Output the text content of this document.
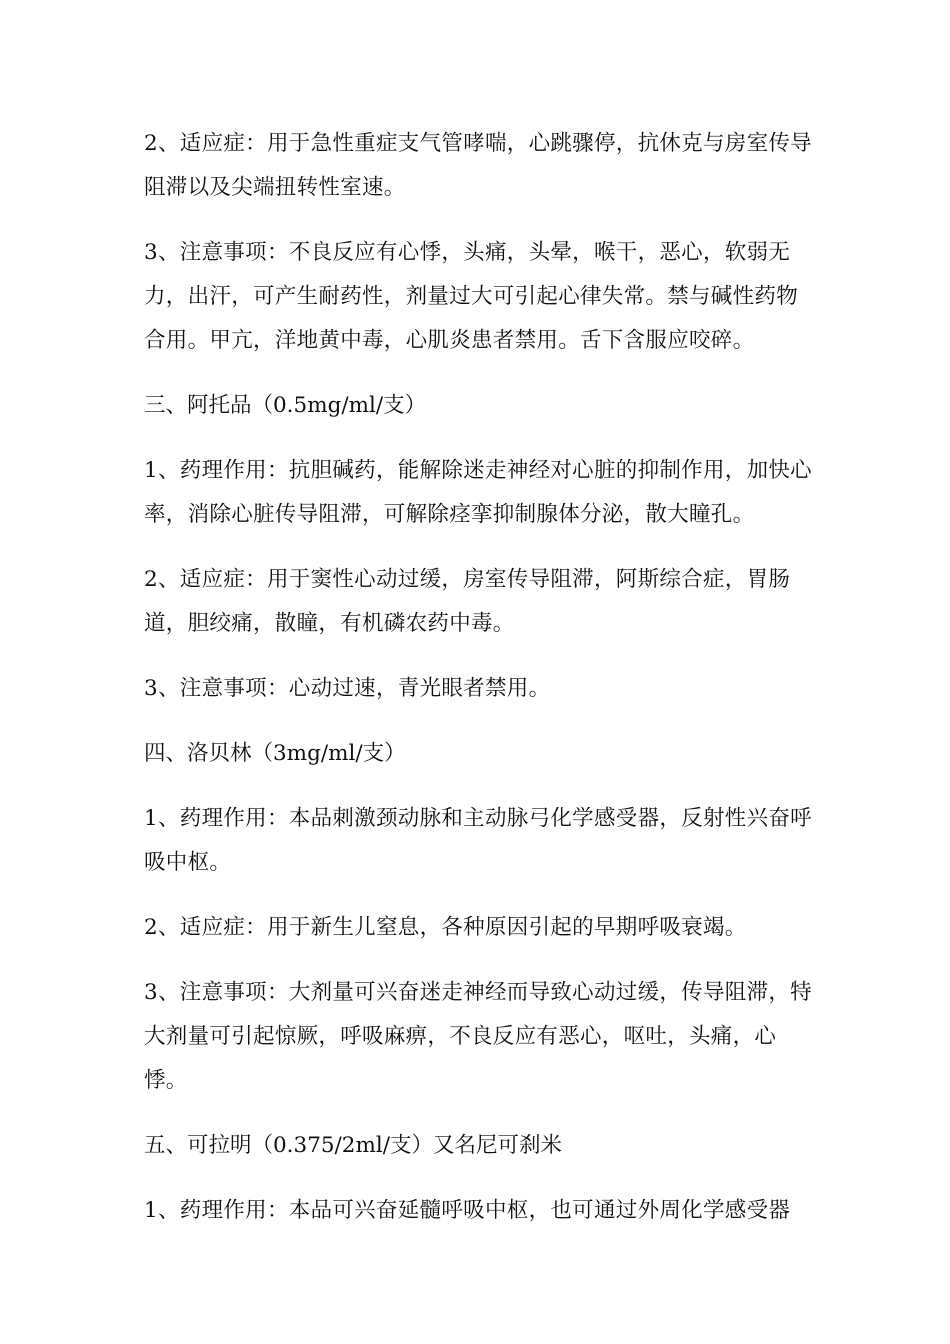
2、适应症：用于急性重症支气管哮喘，心跳骤停，抗休克与房室传导阻滞以及尖端扭转性室速。

3、注意事项：不良反应有心悸，头痛，头晕，喉干，恶心，软弱无力，出汗，可产生耐药性，剂量过大可引起心律失常。禁与碱性药物合用。甲亢，洋地黄中毒，心肌炎患者禁用。舌下含服应咬碎。

三、阿托品（0.5mg/ml/支）

1、药理作用：抗胆碱药，能解除迷走神经对心脏的抑制作用，加快心率，消除心脏传导阻滞，可解除痉挛抑制腺体分泌，散大瞳孔。

2、适应症：用于窦性心动过缓，房室传导阻滞，阿斯综合症，胃肠道，胆绞痛，散瞳，有机磷农药中毒。

3、注意事项：心动过速，青光眼者禁用。

四、洛贝林（3mg/ml/支）

1、药理作用：本品刺激颈动脉和主动脉弓化学感受器，反射性兴奋呼吸中枢。

2、适应症：用于新生儿窒息，各种原因引起的早期呼吸衰竭。

3、注意事项：大剂量可兴奋迷走神经而导致心动过缓，传导阻滞，特大剂量可引起惊厥，呼吸麻痹，不良反应有恶心，呕吐，头痛，心悸。

五、可拉明（0.375/2ml/支）又名尼可刹米

1、药理作用：本品可兴奋延髓呼吸中枢，也可通过外周化学感受器
